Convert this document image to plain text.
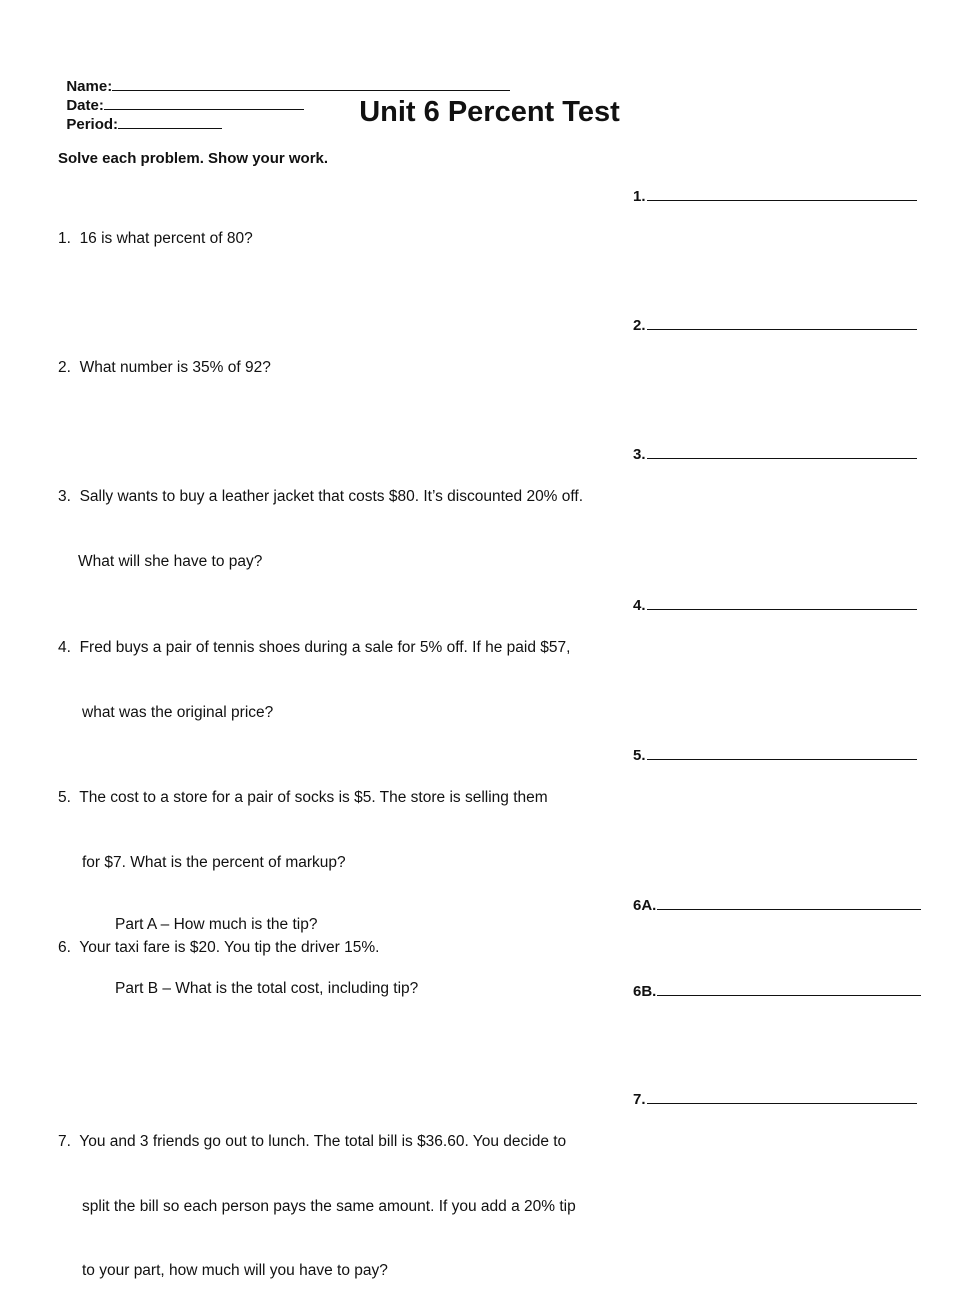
Name:
Date:
Period:	Unit 6 Percent Test
Solve each problem. Show your work.

1. 16 is what percent of 80?

1.

2. What number is 35% of 92?

2.

3. Sally wants to buy a leather jacket that costs $80. It’s discounted 20% off.

What will she have to pay?

3.

4. Fred buys a pair of tennis shoes during a sale for 5% off. If he paid $57,

what was the original price?

4.

5. The cost to a store for a pair of socks is $5. The store is selling them

for $7. What is the percent of markup?

5.

6. Your taxi fare is $20. You tip the driver 15%.

Part A – How much is the tip?
6A.
Part B – What is the total cost, including tip?	6B.

7. You and 3 friends go out to lunch. The total bill is $36.60. You decide to

split the bill so each person pays the same amount. If you add a 20% tip

to your part, how much will you have to pay?

7.
